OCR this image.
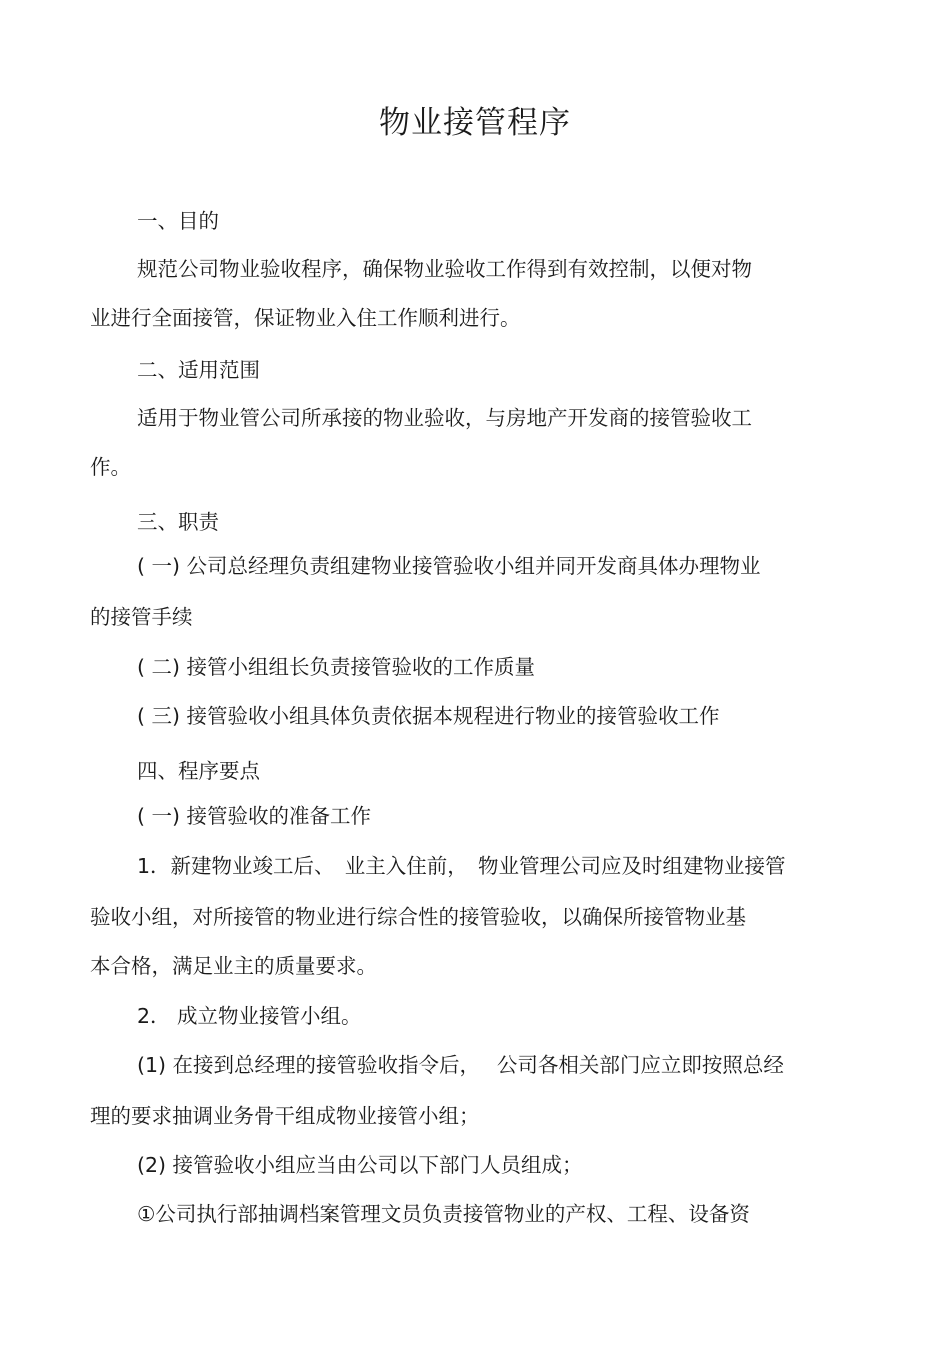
物业接管程序
一、目的
规范公司物业验收程序，确保物业验收工作得到有效控制，以便对物
业进行全面接管，保证物业入住工作顺利进行。
二、适用范围
适用于物业管公司所承接的物业验收，与房地产开发商的接管验收工
作。
三、职责
( 一) 公司总经理负责组建物业接管验收小组并同开发商具体办理物业
的接管手续
( 二) 接管小组组长负责接管验收的工作质量
( 三) 接管验收小组具体负责依据本规程进行物业的接管验收工作
四、程序要点
( 一) 接管验收的准备工作
1．新建物业竣工后、　业主入住前，　物业管理公司应及时组建物业接管
验收小组，对所接管的物业进行综合性的接管验收，以确保所接管物业基
本合格，满足业主的质量要求。
2． 成立物业接管小组。
(1) 在接到总经理的接管验收指令后，　 公司各相关部门应立即按照总经
理的要求抽调业务骨干组成物业接管小组；
(2) 接管验收小组应当由公司以下部门人员组成；
①公司执行部抽调档案管理文员负责接管物业的产权、工程、设备资
